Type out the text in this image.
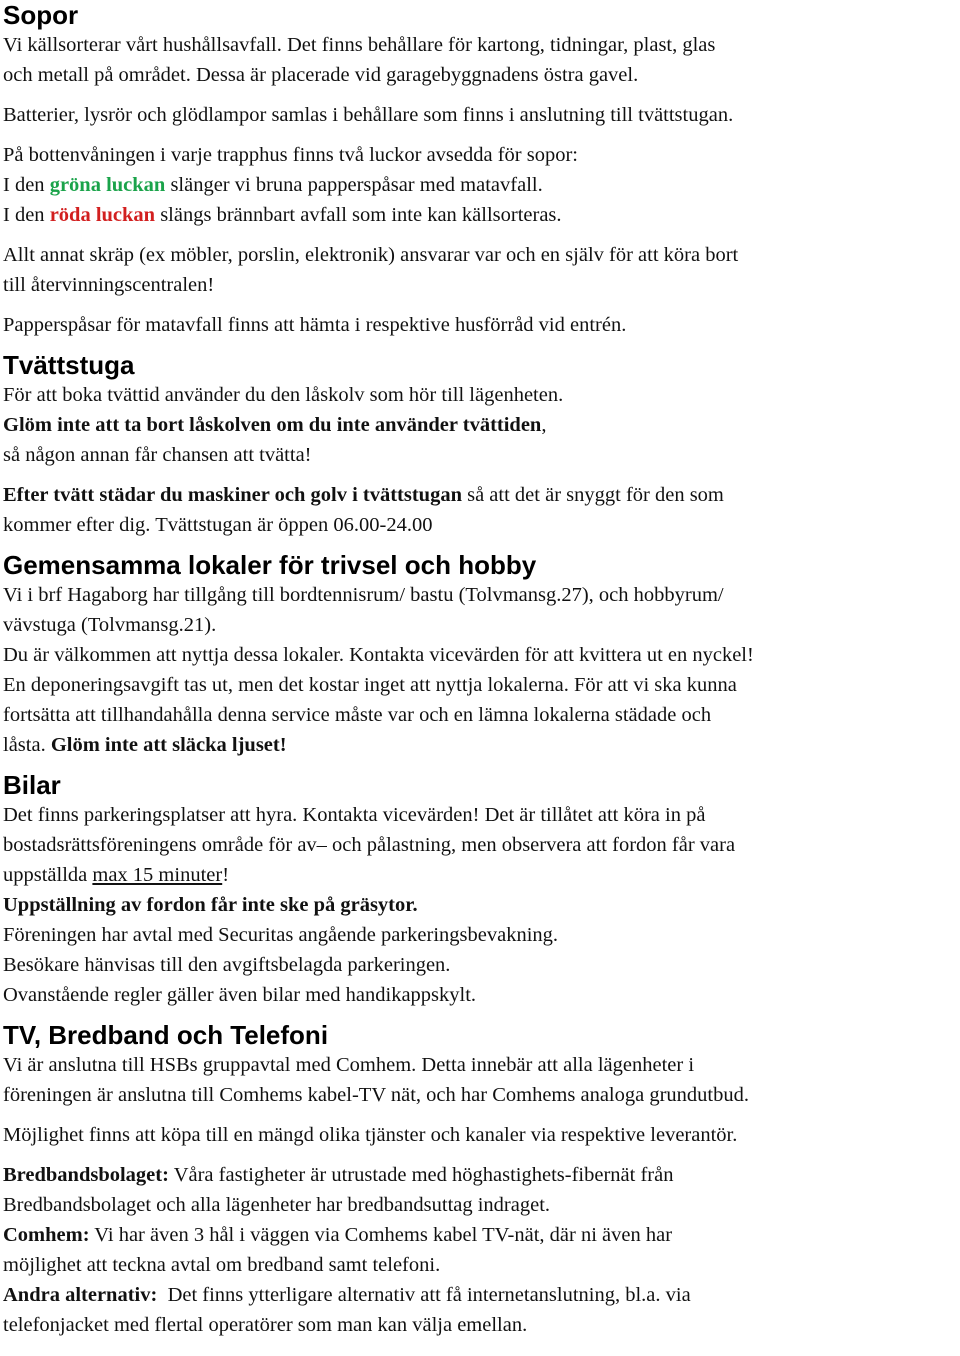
Sopor

Vi källsorterar vårt hushållsavfall. Det finns behållare för kartong, tidningar, plast, glas

och metall på området. Dessa är placerade vid garagebyggnadens östra gavel.

Batterier, lysrör och glödlampor samlas i behållare som finns i anslutning till tvättstugan.

På bottenvåningen i varje trapphus finns två luckor avsedda för sopor:

I den gröna luckan slänger vi bruna papperspåsar med matavfall.

I den röda luckan slängs brännbart avfall som inte kan källsorteras.

Allt annat skräp (ex möbler, porslin, elektronik) ansvarar var och en själv för att köra bort

till återvinningscentralen!

Papperspåsar för matavfall finns att hämta i respektive husförråd vid entrén.

Tvättstuga

För att boka tvättid använder du den låskolv som hör till lägenheten.

Glöm inte att ta bort låskolven om du inte använder tvättiden,

så någon annan får chansen att tvätta!

Efter tvätt städar du maskiner och golv i tvättstugan så att det är snyggt för den som

kommer efter dig. Tvättstugan är öppen 06.00-24.00

Gemensamma lokaler för trivsel och hobby

Vi i brf Hagaborg har tillgång till bordtennisrum/ bastu (Tolvmansg.27), och hobbyrum/

vävstuga (Tolvmansg.21).

Du är välkommen att nyttja dessa lokaler. Kontakta vicevärden för att kvittera ut en nyckel!

En deponeringsavgift tas ut, men det kostar inget att nyttja lokalerna. För att vi ska kunna

fortsätta att tillhandahålla denna service måste var och en lämna lokalerna städade och

låsta. Glöm inte att släcka ljuset!

Bilar

Det finns parkeringsplatser att hyra. Kontakta vicevärden! Det är tillåtet att köra in på

bostadsrättsföreningens område för av– och pålastning, men observera att fordon får vara

uppställda max 15 minuter!

Uppställning av fordon får inte ske på gräsytor.

Föreningen har avtal med Securitas angående parkeringsbevakning.

Besökare hänvisas till den avgiftsbelagda parkeringen.

Ovanstående regler gäller även bilar med handikappskylt.

TV, Bredband och Telefoni

Vi är anslutna till HSBs gruppavtal med Comhem. Detta innebär att alla lägenheter i

föreningen är anslutna till Comhems kabel-TV nät, och har Comhems analoga grundutbud.

Möjlighet finns att köpa till en mängd olika tjänster och kanaler via respektive leverantör.

Bredbandsbolaget: Våra fastigheter är utrustade med höghastighets-fibernät från

Bredbandsbolaget och alla lägenheter har bredbandsuttag indraget.

Comhem: Vi har även 3 hål i väggen via Comhems kabel TV-nät, där ni även har

möjlighet att teckna avtal om bredband samt telefoni.

Andra alternativ:  Det finns ytterligare alternativ att få internetanslutning, bl.a. via

telefonjacket med flertal operatörer som man kan välja emellan.
